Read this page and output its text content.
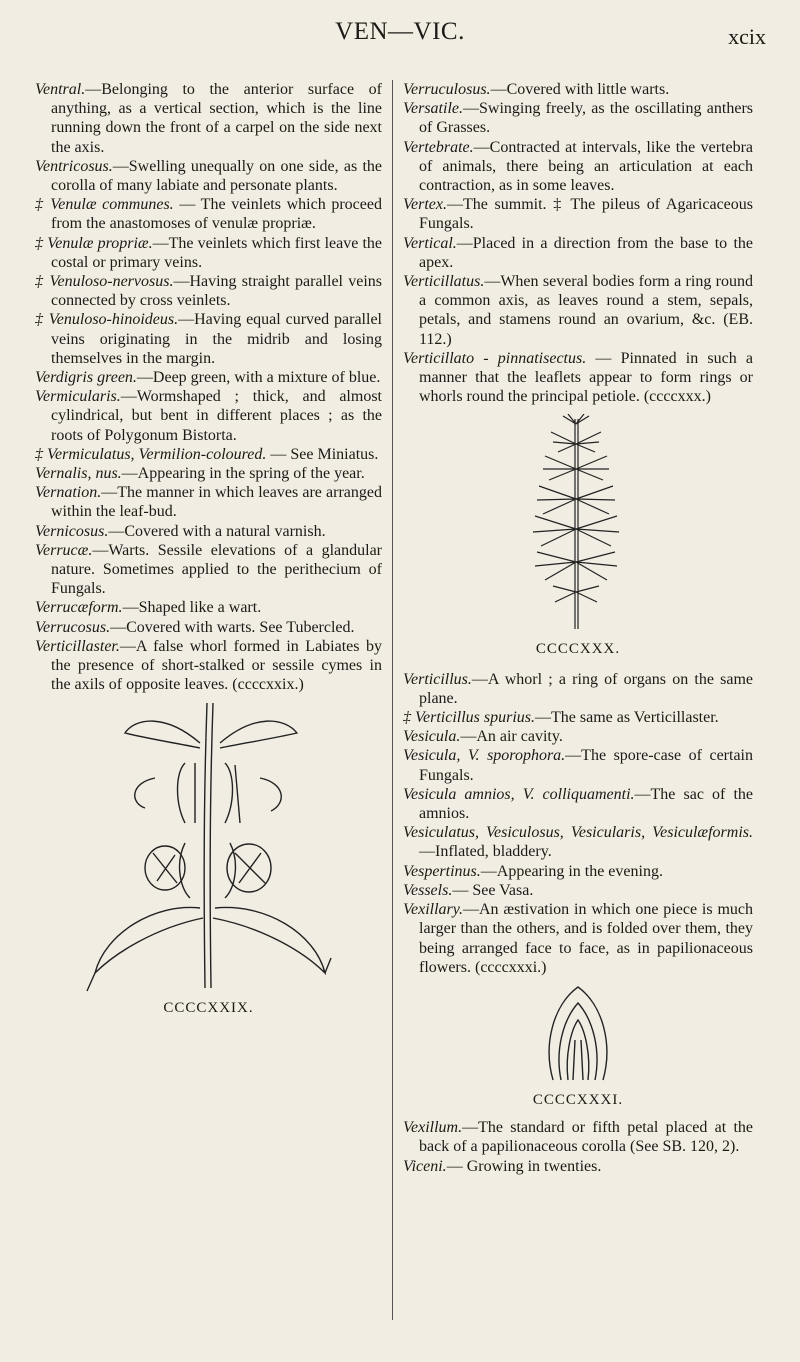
VEN—VIC.	xcix

Ventral.—Belonging to the anterior surface of anything, as a vertical section, which is the line running down the front of a carpel on the side next the axis.

Ventricosus.—Swelling unequally on one side, as the corolla of many labiate and personate plants.

‡ Venulæ communes. — The veinlets which proceed from the anastomoses of venulæ propriæ.

‡ Venulæ propriæ.—The veinlets which first leave the costal or primary veins.

‡ Venuloso-nervosus.—Having straight parallel veins connected by cross veinlets.

‡ Venuloso-hinoideus.—Having equal curved parallel veins originating in the midrib and losing themselves in the margin.

Verdigris green.—Deep green, with a mixture of blue.

Vermicularis.—Wormshaped ; thick, and almost cylindrical, but bent in different places ; as the roots of Polygonum Bistorta.

‡ Vermiculatus, Vermilion-coloured. — See Miniatus.

Vernalis, nus.—Appearing in the spring of the year.

Vernation.—The manner in which leaves are arranged within the leaf-bud.

Vernicosus.—Covered with a natural varnish.

Verrucæ.—Warts. Sessile elevations of a glandular nature. Sometimes applied to the perithecium of Fungals.

Verrucæform.—Shaped like a wart.

Verrucosus.—Covered with warts. See Tubercled.

Verticillaster.—A false whorl formed in Labiates by the presence of short-stalked or sessile cymes in the axils of opposite leaves. (ccccxxix.)

CCCCXXIX.

Verruculosus.—Covered with little warts.

Versatile.—Swinging freely, as the oscillating anthers of Grasses.

Vertebrate.—Contracted at intervals, like the vertebra of animals, there being an articulation at each contraction, as in some leaves.

Vertex.—The summit. ‡ The pileus of Agaricaceous Fungals.

Vertical.—Placed in a direction from the base to the apex.

Verticillatus.—When several bodies form a ring round a common axis, as leaves round a stem, sepals, petals, and stamens round an ovarium, &c. (EB. 112.)

Verticillato - pinnatisectus. — Pinnated in such a manner that the leaflets appear to form rings or whorls round the principal petiole. (ccccxxx.)

CCCCXXX.

Verticillus.—A whorl ; a ring of organs on the same plane.

‡ Verticillus spurius.—The same as Verticillaster.

Vesicula.—An air cavity.

Vesicula, V. sporophora.—The spore-case of certain Fungals.

Vesicula amnios, V. colliquamenti.—The sac of the amnios.

Vesiculatus, Vesiculosus, Vesicularis, Vesiculæformis.—Inflated, bladdery.

Vespertinus.—Appearing in the evening.

Vessels.— See Vasa.

Vexillary.—An æstivation in which one piece is much larger than the others, and is folded over them, they being arranged face to face, as in papilionaceous flowers. (ccccxxxi.)

CCCCXXXI.

Vexillum.—The standard or fifth petal placed at the back of a papilionaceous corolla (See SB. 120, 2).

Viceni.— Growing in twenties.
